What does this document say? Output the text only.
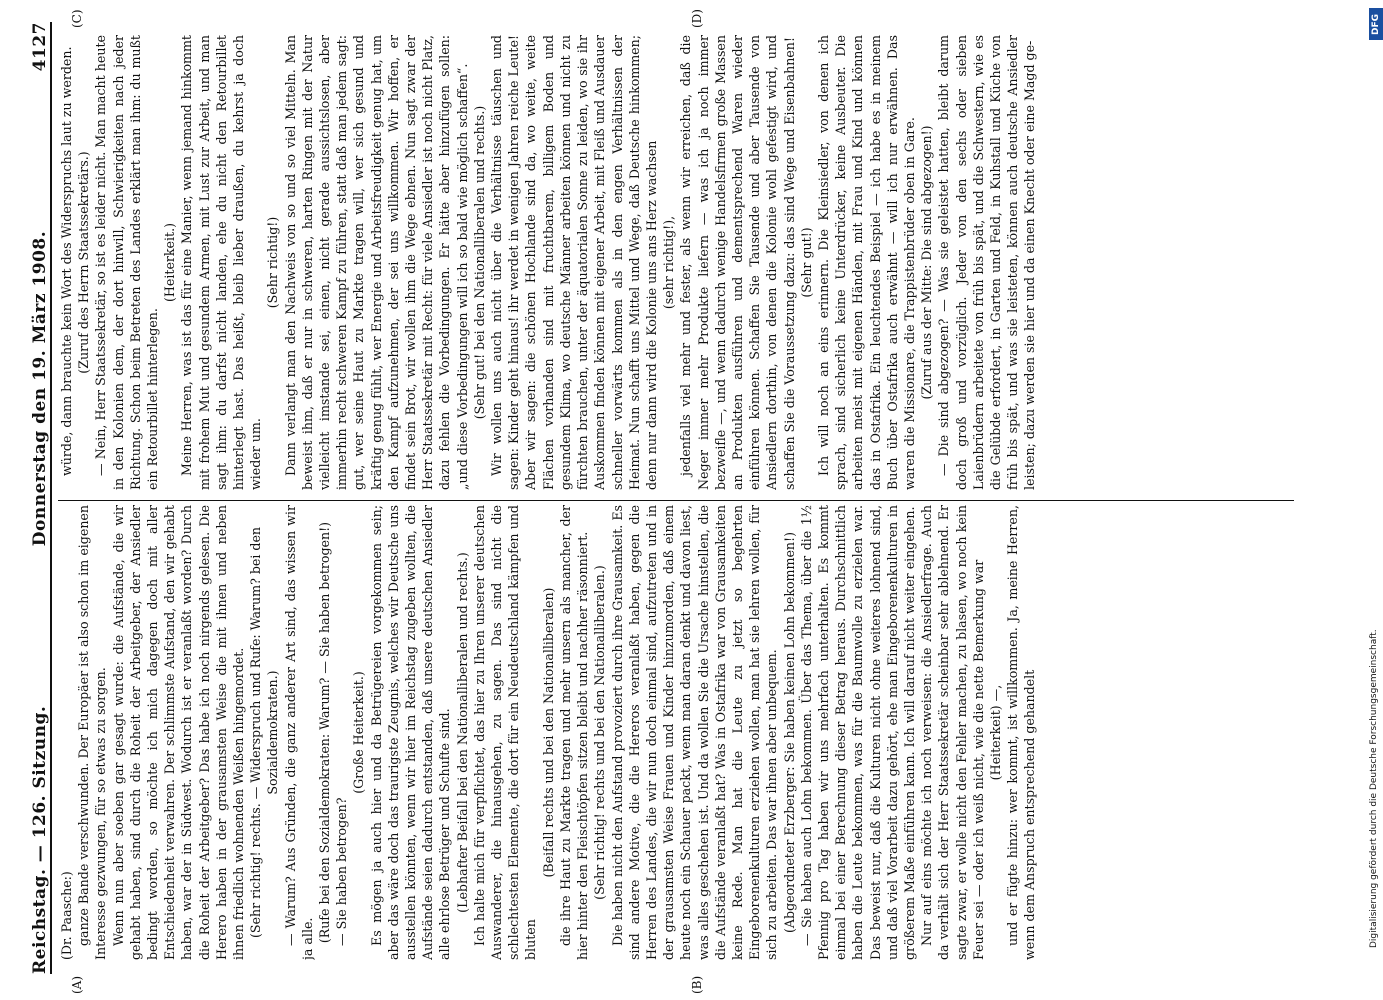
Reichstag. — 126. Sitzung.
Donnerstag den 19. März 1908.
4127
(A)	(B)
(C)	(D)

(Dr. Paasche:) ganze Bande verschwunden. Der Europäer ist also schon im eigenen Interesse gezwungen, für so etwas zu sorgen. Wenn nun aber soeben gar gesagt wurde: die Aufstände, die wir gehabt haben, sind durch die Roheit der Arbeitgeber, der Ansiedler bedingt worden, so möchte ich mich dagegen doch mit aller Entschiedenheit verwahren. Der schlimmste Aufstand, den wir gehabt haben, war der in Südwest. Wodurch ist er veranlaßt worden? Durch die Roheit der Arbeitgeber? Das habe ich noch nirgends gelesen. Die Herero haben in der grausamsten Weise die mit ihnen und neben ihnen friedlich wohnenden Weißen hingemordet. (Sehr richtig! rechts. — Widerspruch und Rufe: Warum? bei den Sozialdemokraten.) — Warum? Aus Gründen, die ganz anderer Art sind, das wissen wir ja alle. (Rufe bei den Sozialdemokraten: Warum? — Sie haben betrogen!) — Sie haben betrogen?

(Große Heiterkeit.) Es mögen ja auch hier und da Betrügereien vorgekommen sein; aber das wäre doch das traurigste Zeugnis, welches wir Deutsche uns ausstellen könnten, wenn wir hier im Reichstag zugeben wollten, die Aufstände seien dadurch entstanden, daß unsere deutschen Ansiedler alle ehrlose Betrüger und Schufte sind. (Lebhafter Beifall bei den Nationalliberalen und rechts.) Ich halte mich für verpflichtet, das hier zu Ihren unserer deutschen Auswanderer, die hinausgehen, zu sagen. Das sind nicht die schlechtesten Elemente, die dort für ein Neudeutschland kämpfen und bluten

(Beifall rechts und bei den Nationalliberalen) die ihre Haut zu Markte tragen und mehr unsern als mancher, der hier hinter den Fleischtöpfen sitzen bleibt und nachher räsonniert. (Sehr richtig! rechts und bei den Nationalliberalen.) Die haben nicht den Aufstand provoziert durch ihre Grausamkeit. Es sind andere Motive, die die Hereros veranlaßt haben, gegen die Herren des Landes, die wir nun doch einmal sind, aufzutreten und in der grausamsten Weise Frauen und Kinder hinzumorden, daß einem heute noch ein Schauer packt, wenn man daran denkt und davon liest, was alles geschehen ist. Und da wollen Sie die Ursache hinstellen, die die Aufstände veranlaßt hat? Was in Ostafrika war von Grausamkeiten keine Rede. Man hat die Leute zu jetzt so begehrten Eingeborenenkulturen erziehen wollen, man hat sie lehren wollen, für sich zu arbeiten. Das war ihnen aber unbequem. (Abgeordneter Erzberger: Sie haben keinen Lohn bekommen!) — Sie haben auch Lohn bekommen. Über das Thema, über die 1½ Pfennig pro Tag haben wir uns mehrfach unterhalten. Es kommt einmal bei einer Berechnung dieser Betrag heraus. Durchschnittlich haben die Leute bekommen, was für die Baumwolle zu erzielen war. Das beweist nur, daß die Kulturen nicht ohne weiteres lohnend sind, und daß viel Vorarbeit dazu gehört, ehe man Eingeborenenkulturen in größerem Maße einführen kann. Ich will darauf nicht weiter eingehen. Nur auf eins möchte ich noch verweisen: die Ansiedlerfrage. Auch da verhält sich der Herr Staatssekretär scheinbar sehr ablehnend. Er sagte zwar, er wolle nicht den Fehler machen, zu blasen, wo noch kein Feuer sei — oder ich weiß nicht, wie die nette Bemerkung war (Heiterkeit) —, und er fügte hinzu: wer kommt, ist willkommen. Ja, meine Herren, wenn dem Anspruch entsprechend gehandelt

würde, dann brauchte kein Wort des Widerspruchs laut zu werden. (Zuruf des Herrn Staatssekretärs.) — Nein, Herr Staatssekretär, so ist es leider nicht. Man macht heute in den Kolonien dem, der dort hinwill, Schwierigkeiten nach jeder Richtung. Schon beim Betreten des Landes erklärt man ihm: du mußt ein Retourbillet hinterlegen.

(Heiterkeit.) Meine Herren, was ist das für eine Manier, wenn jemand hinkommt mit frohem Mut und gesundem Armen, mit Lust zur Arbeit, und man sagt ihm: du darfst nicht landen, ehe du nicht den Retourbillet hinterlegt hast. Das heißt, bleib lieber draußen, du kehrst ja doch wieder um.

(Sehr richtig!) Dann verlangt man den Nachweis von so und so viel Mitteln. Man beweist ihm, daß er nur in schweren, harten Ringen mit der Natur vielleicht imstande sei, einen, nicht gerade aussichtslosen, aber immerhin recht schweren Kampf zu führen, statt daß man jedem sagt: gut, wer seine Haut zu Markte tragen will, wer sich gesund und kräftig genug fühlt, wer Energie und Arbeitsfreudigkeit genug hat, um den Kampf aufzunehmen, der sei uns willkommen. Wir hoffen, er findet sein Brot, wir wollen ihm die Wege ebnen. Nun sagt zwar der Herr Staatssekretär mit Recht: für viele Ansiedler ist noch nicht Platz, dazu fehlen die Vorbedingungen. Er hätte aber hinzufügen sollen: „und diese Vorbedingungen will ich so bald wie möglich schaffen“. (Sehr gut! bei den Nationalliberalen und rechts.) Wir wollen uns auch nicht über die Verhältnisse täuschen und sagen: Kinder geht hinaus! ihr werdet in wenigen Jahren reiche Leute! Aber wir sagen: die schönen Hochlande sind da, wo weite, weite Flächen vorhanden sind mit fruchtbarem, billigem Boden und gesundem Klima, wo deutsche Männer arbeiten können und nicht zu fürchten brauchen, unter der äquatorialen Sonne zu leiden, wo sie ihr Auskommen finden können mit eigener Arbeit, mit Fleiß und Ausdauer schneller vorwärts kommen als in den engen Verhältnissen der Heimat. Nun schafft uns Mittel und Wege, daß Deutsche hinkommen; denn nur dann wird die Kolonie uns ans Herz wachsen (sehr richtig!), jedenfalls viel mehr und fester, als wenn wir erreichen, daß die Neger immer mehr Produkte liefern — was ich ja noch immer bezweifle —, und wenn dadurch wenige Handelsfirmen große Massen an Produkten ausführen und dementsprechend Waren wieder einführen können. Schaffen Sie Tausende und aber Tausende von Ansiedlern dorthin, von denen die Kolonie wohl gefestigt wird, und schaffen Sie die Voraussetzung dazu: das sind Wege und Eisenbahnen! (Sehr gut!) Ich will noch an eins erinnern. Die Kleinsiedler, von denen ich sprach, sind sicherlich keine Unterdrücker, keine Ausbeuter. Die arbeiten meist mit eigenen Händen, mit Frau und Kind und können das in Ostafrika. Ein leuchtendes Beispiel — ich habe es in meinem Buch über Ostafrika auch erwähnt — will ich nur erwähnen. Das waren die Missionare, die Trappistenbrüder oben in Gare. (Zuruf aus der Mitte: Die sind abgezogen!) — Die sind abgezogen? — Was sie geleistet hatten, bleibt darum doch groß und vorzüglich. Jeder von den sechs oder sieben Laienbrüdern arbeitete von früh bis spät, und die Schwestern, wie es die Gelübde erfordert, in Garten und Feld, in Kuhstall und Küche von früh bis spät, und was sie leisteten, können auch deutsche Ansiedler leisten; dazu werden sie hier und da einen Knecht oder eine Magd ge-

DFG
Digitalisierung gefördert durch die Deutsche Forschungsgemeinschaft.
